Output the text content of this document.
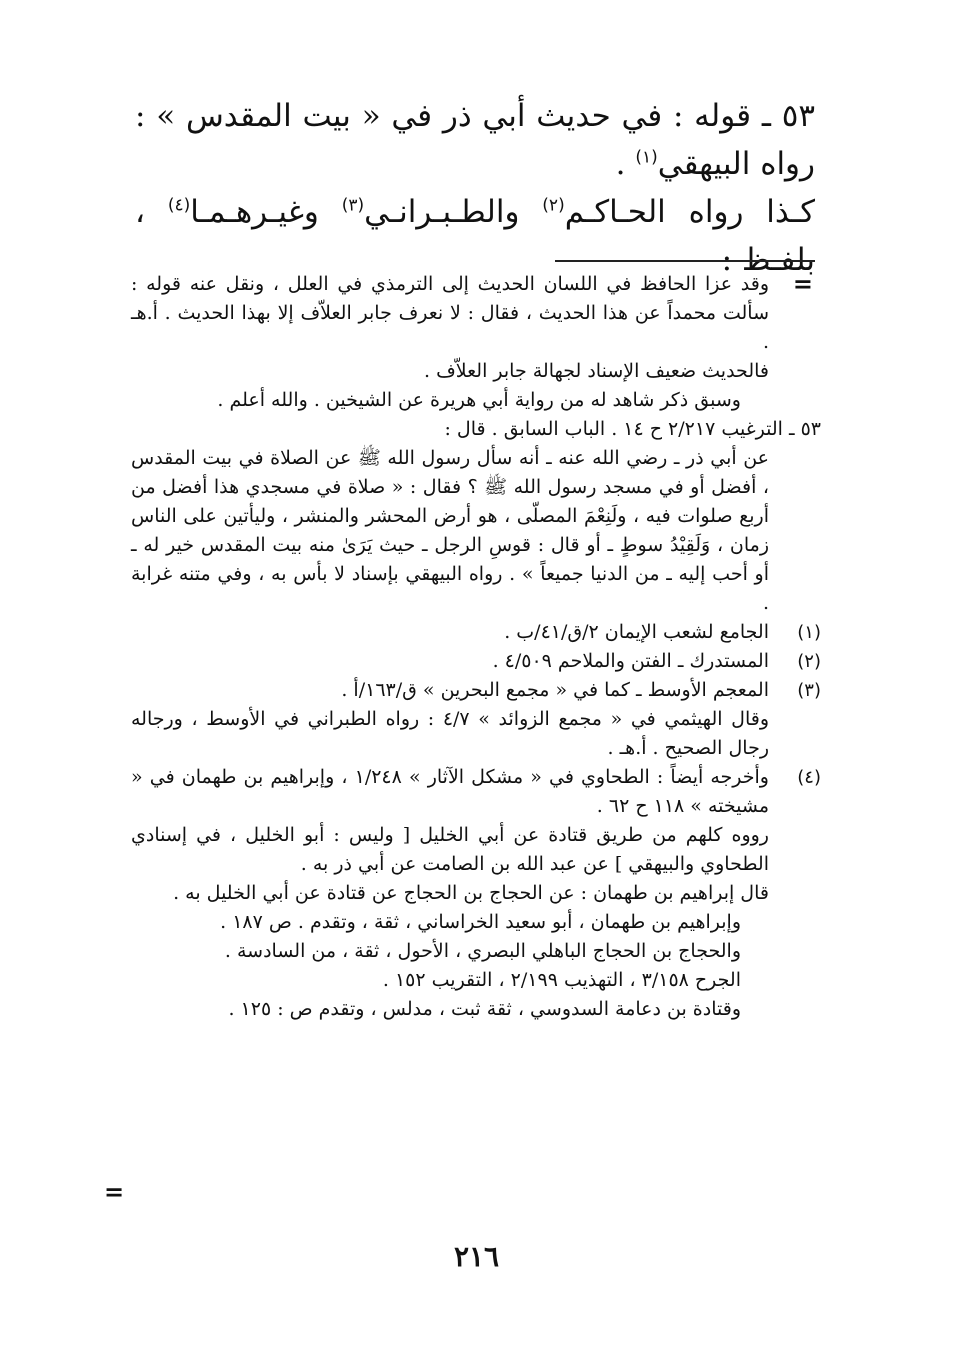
٥٣ ـ قوله : في حديث أبي ذر في « بيت المقدس » : رواه البيهقي$^{(١)}$ .

كـذا رواه الحـاكـم$^{(٢)}$ والطـبـرانـي$^{(٣)}$ وغيـرهـمـا$^{(٤)}$ ، بلفـظ :

=

وقد عزا الحافظ في اللسان الحديث إلى الترمذي في العلل ، ونقل عنه قوله : سألت محمداً عن هذا الحديث ، فقال : لا نعرف جابر العلاّف إلا بهذا الحديث . أ.هـ .

فالحديث ضعيف الإسناد لجهالة جابر العلاّف .

وسبق ذكر شاهد له من رواية أبي هريرة عن الشيخين . والله أعلم .

٥٣ ـ الترغيب ٢/٢١٧ ح ١٤ . الباب السابق . قال :

عن أبي ذر ـ رضي الله عنه ـ أنه سأل رسول الله ﷺ عن الصلاة في بيت المقدس ، أفضل أو في مسجد رسول الله ﷺ ؟ فقال : « صلاة في مسجدي هذا أفضل من أربع صلوات فيه ، ولَنِعْمَ المصلّى ، هو أرض المحشر والمنشر ، وليأتين على الناس زمان ، وَلَقِيْدُ سوطٍ ـ أو قال : قوسِ الرجل ـ حيث يَرَىٰ منه بيت المقدس خير له ـ أو أحب إليه ـ من الدنيا جميعاً » . رواه البيهقي بإسناد لا بأس به ، وفي متنه غرابة .

(١)
الجامع لشعب الإيمان ٢/ق/٤١/ب .

(٢)
المستدرك ـ الفتن والملاحم ٤/٥٠٩ .

(٣)
المعجم الأوسط ـ كما في « مجمع البحرين » ق/١٦٣/أ .

وقال الهيثمي في « مجمع الزوائد » ٤/٧ : رواه الطبراني في الأوسط ، ورجاله رجال الصحيح . أ.هـ .

(٤)
وأخرجه أيضاً : الطحاوي في « مشكل الآثار » ١/٢٤٨ ، وإبراهيم بن طهمان في « مشيخته » ١١٨ ح ٦٢ .

رووه كلهم من طريق قتادة عن أبي الخليل [ وليس : أبو الخليل ، في إسنادي الطحاوي والبيهقي ] عن عبد الله بن الصامت عن أبي ذر به .

قال إبراهيم بن طهمان : عن الحجاج بن الحجاج عن قتادة عن أبي الخليل به .

وإبراهيم بن طهمان ، أبو سعيد الخراساني ، ثقة ، وتقدم . ص ١٨٧ .

والحجاج بن الحجاج الباهلي البصري ، الأحول ، ثقة ، من السادسة .

الجرح ٣/١٥٨ ، التهذيب ٢/١٩٩ ، التقريب ١٥٢ .

وقتادة بن دعامة السدوسي ، ثقة ثبت ، مدلس ، وتقدم ص : ١٢٥ .

=
٢١٦
